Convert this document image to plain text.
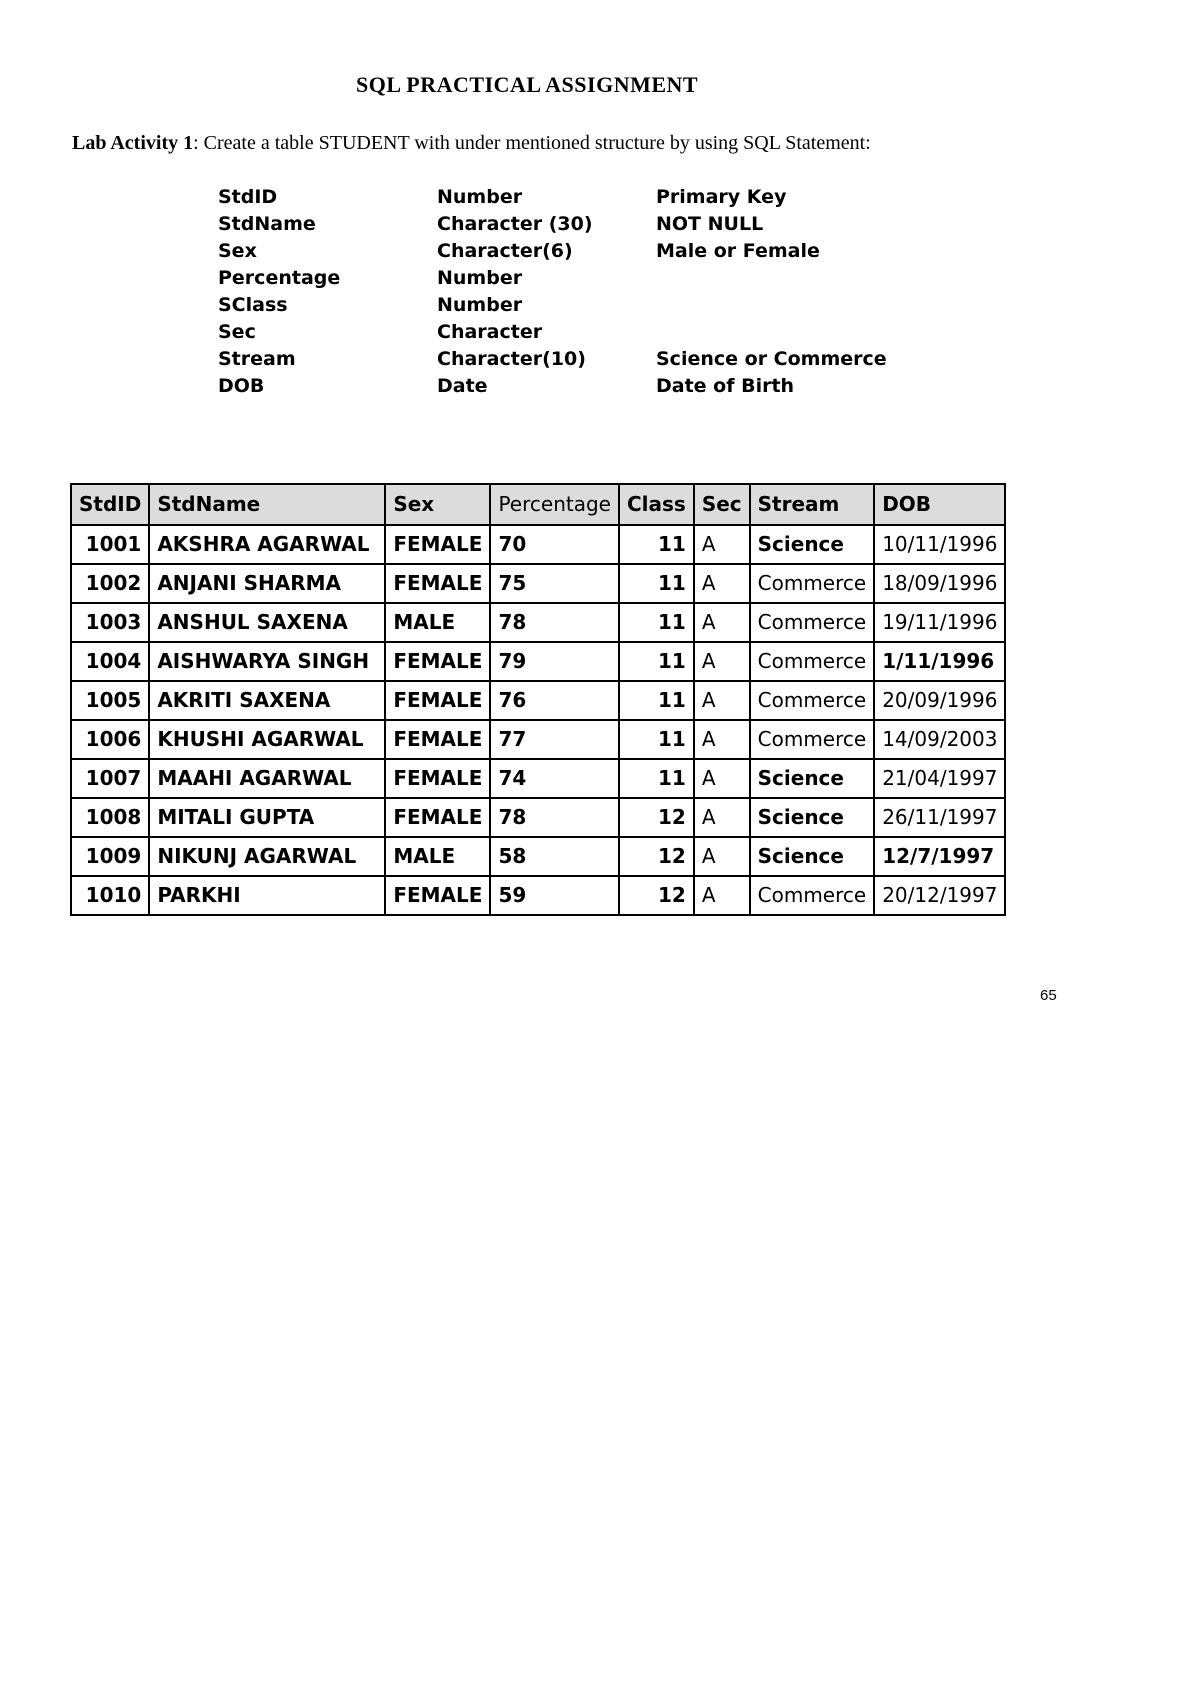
SQL PRACTICAL ASSIGNMENT
Lab Activity 1: Create a table STUDENT with under mentioned structure by using SQL Statement:
StdID	Number	Primary Key
StdName	Character (30)	NOT NULL
Sex	Character(6)	Male or Female
Percentage	Number	
SClass	Number	
Sec	Character	
Stream	Character(10)	Science or Commerce
DOB	Date	Date of Birth
StdID	StdName	Sex	Percentage	Class	Sec	Stream	DOB
1001	AKSHRA AGARWAL	FEMALE	70	11	A	Science	10/11/1996
1002	ANJANI SHARMA	FEMALE	75	11	A	Commerce	18/09/1996
1003	ANSHUL SAXENA	MALE	78	11	A	Commerce	19/11/1996
1004	AISHWARYA SINGH	FEMALE	79	11	A	Commerce	1/11/1996
1005	AKRITI SAXENA	FEMALE	76	11	A	Commerce	20/09/1996
1006	KHUSHI AGARWAL	FEMALE	77	11	A	Commerce	14/09/2003
1007	MAAHI AGARWAL	FEMALE	74	11	A	Science	21/04/1997
1008	MITALI GUPTA	FEMALE	78	12	A	Science	26/11/1997
1009	NIKUNJ AGARWAL	MALE	58	12	A	Science	12/7/1997
1010	PARKHI	FEMALE	59	12	A	Commerce	20/12/1997
65
